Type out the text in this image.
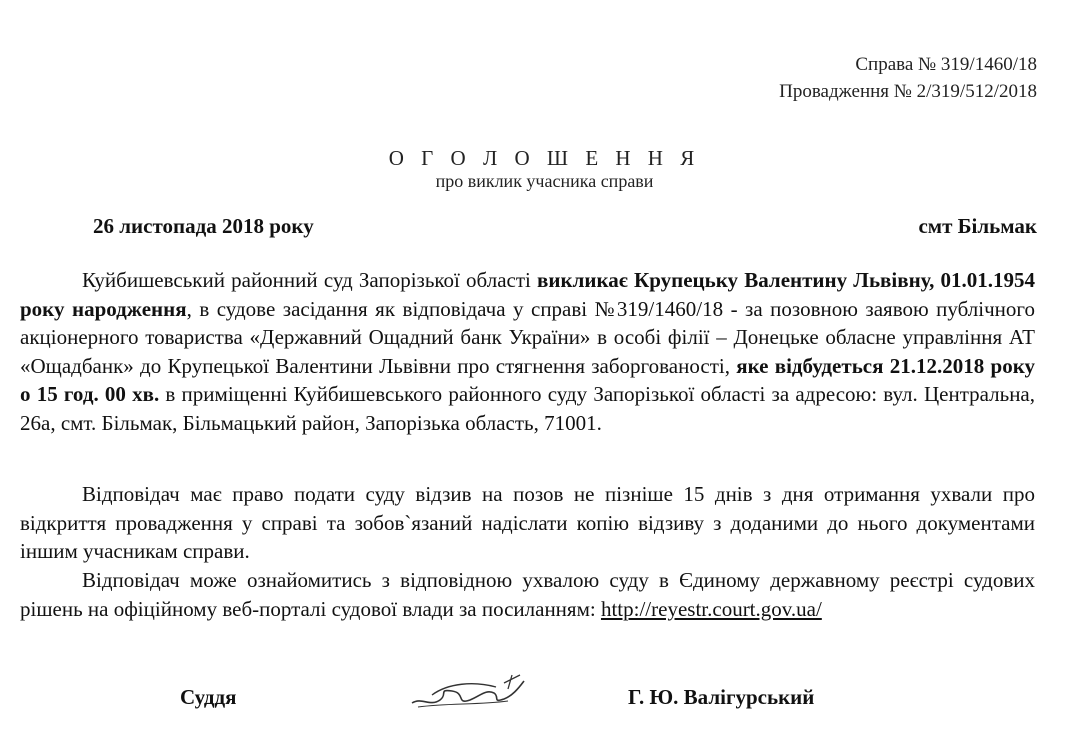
Справа № 319/1460/18
Провадження № 2/319/512/2018
О Г О Л О Ш Е Н Н Я
про виклик учасника справи
26 листопада 2018 року	смт Більмак

Куйбишевський районний суд Запорізької області викликає Крупецьку Валентину Львівну, 01.01.1954 року народження, в судове засідання як відповідача у справі №319/1460/18 - за позовною заявою публічного акціонерного товариства «Державний Ощадний банк України» в особі філії – Донецьке обласне управління АТ «Ощадбанк» до Крупецької Валентини Львівни про стягнення заборгованості, яке відбудеться 21.12.2018 року о 15 год. 00 хв. в приміщенні Куйбишевського районного суду Запорізької області за адресою: вул. Центральна, 26а, смт. Більмак, Більмацький район, Запорізька область, 71001.

Відповідач має право подати суду відзив на позов не пізніше 15 днів з дня отримання ухвали про відкриття провадження у справі та зобов`язаний надіслати копію відзиву з доданими до нього документами іншим учасникам справи.

Відповідач може ознайомитись з відповідною ухвалою суду в Єдиному державному реєстрі судових рішень на офіційному веб-порталі судової влади за посиланням: http://reyestr.court.gov.ua/

Суддя	Г. Ю. Валігурський
